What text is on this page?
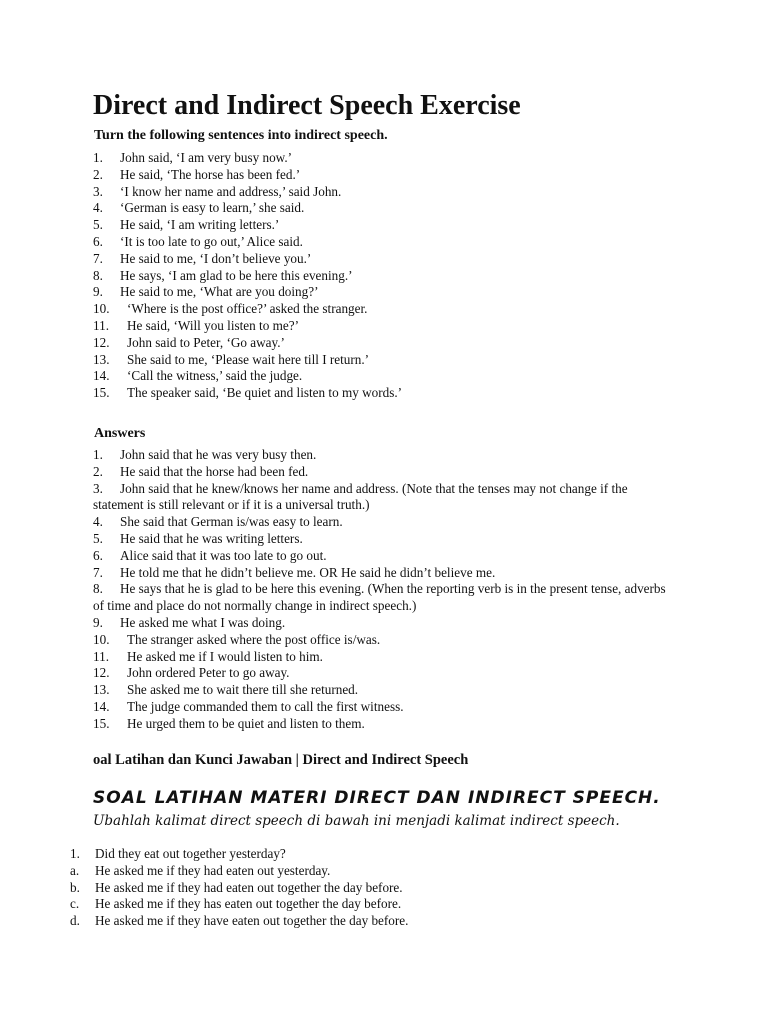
Direct and Indirect Speech Exercise

Turn the following sentences into indirect speech.

1. John said, ‘I am very busy now.’
2. He said, ‘The horse has been fed.’
3. ‘I know her name and address,’ said John.
4. ‘German is easy to learn,’ she said.
5. He said, ‘I am writing letters.’
6. ‘It is too late to go out,’ Alice said.
7. He said to me, ‘I don’t believe you.’
8. He says, ‘I am glad to be here this evening.’
9. He said to me, ‘What are you doing?’
10. ‘Where is the post office?’ asked the stranger.
11. He said, ‘Will you listen to me?’
12. John said to Peter, ‘Go away.’
13. She said to me, ‘Please wait here till I return.’
14. ‘Call the witness,’ said the judge.
15. The speaker said, ‘Be quiet and listen to my words.’
Answers
1. John said that he was very busy then.
2. He said that the horse had been fed.
3. John said that he knew/knows her name and address. (Note that the tenses may not change if the statement is still relevant or if it is a universal truth.)
4. She said that German is/was easy to learn.
5. He said that he was writing letters.
6. Alice said that it was too late to go out.
7. He told me that he didn’t believe me. OR He said he didn’t believe me.
8. He says that he is glad to be here this evening. (When the reporting verb is in the present tense, adverbs of time and place do not normally change in indirect speech.)
9. He asked me what I was doing.
10. The stranger asked where the post office is/was.
11. He asked me if I would listen to him.
12. John ordered Peter to go away.
13. She asked me to wait there till she returned.
14. The judge commanded them to call the first witness.
15. He urged them to be quiet and listen to them.
oal Latihan dan Kunci Jawaban | Direct and Indirect Speech
SOAL LATIHAN MATERI DIRECT DAN INDIRECT SPEECH.

Ubahlah kalimat direct speech di bawah ini menjadi kalimat indirect speech.

1. Did they eat out together yesterday?
a. He asked me if they had eaten out yesterday.
b. He asked me if they had eaten out together the day before.
c. He asked me if they has eaten out together the day before.
d. He asked me if they have eaten out together the day before.
